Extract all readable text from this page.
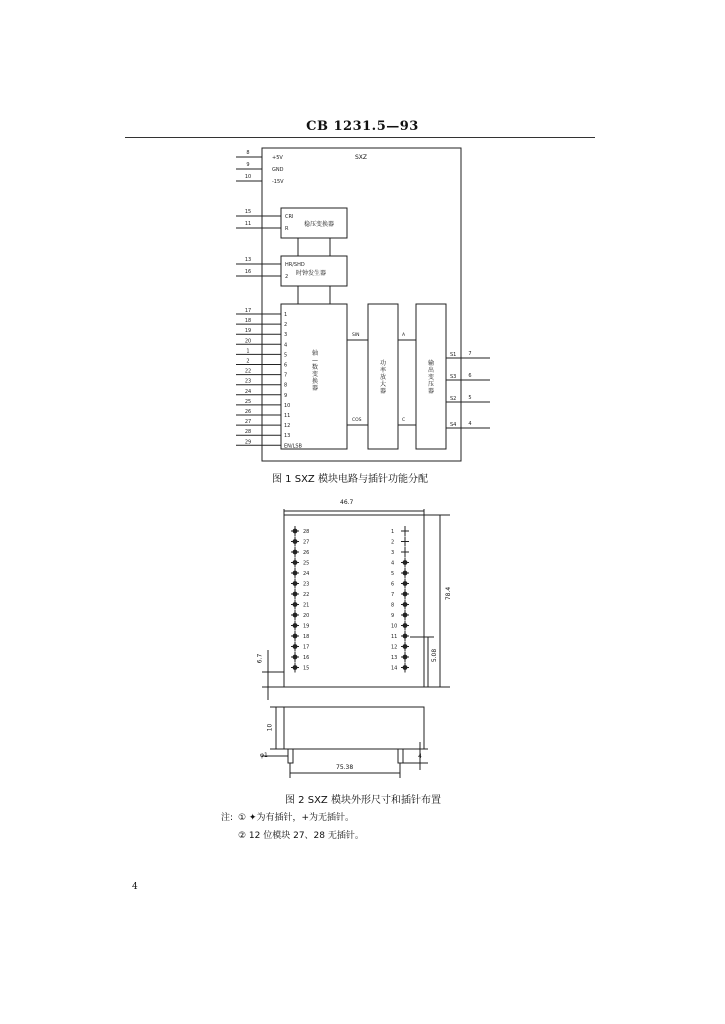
CB 1231.5—93
8
+5V
9
GND
10
-15V
15
CRI
11
R
13
HR/SHD
16
2
17
1
18
2
19
3
20
4
1
5
2
6
22
7
23
8
24
9
25
10
26
11
27
12
28
13
29
EN/LSB
SIN
COS
A
C
S1 7
S3 6
S2 5
S4 4
28
27
26
25
24
23
22
21
20
19
18
17
16
15
1
2
3
4
5
6
7
8
9
10
11
12
13
14
SXZ
稳压变换器
时钟发生器
轴—数变换器
功率放大器
输出变压器
图 1 SXZ 模块电路与插针功能分配
46.7
78.4
5.08
6.7
10
φ1	4
75.38
图 2 SXZ 模块外形尺寸和插针布置
注: ① ✦为有插针，+为无插针。
② 12 位模块 27、28 无插针。
4
